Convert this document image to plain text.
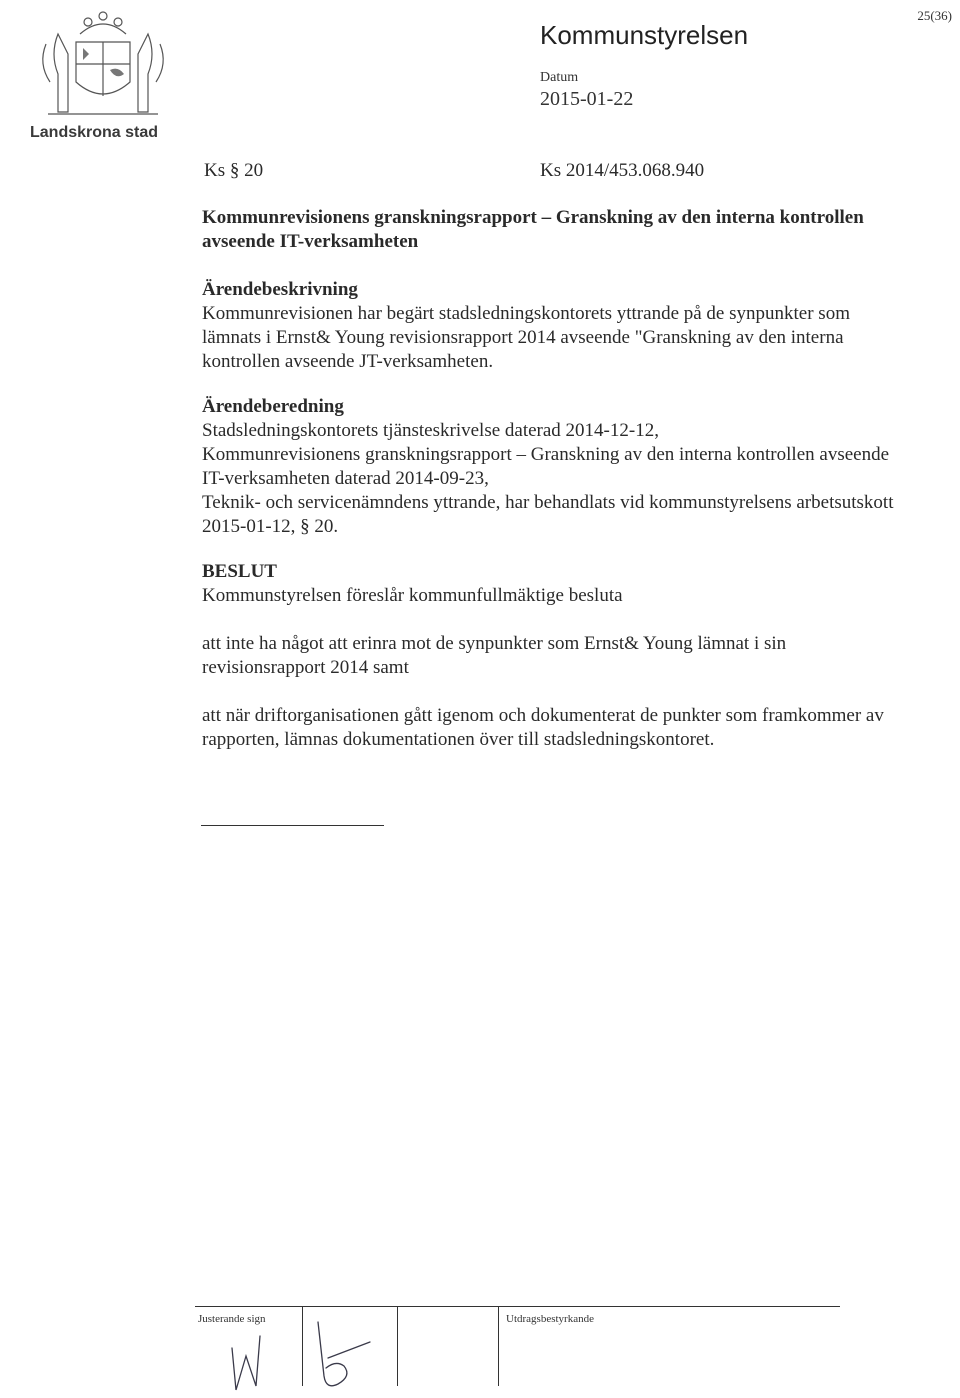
25(36)
Landskrona stad
Kommunstyrelsen
Datum
2015-01-22
Ks § 20	Ks 2014/453.068.940

Kommunrevisionens granskningsrapport – Granskning av den interna kontrollen avseende IT-verksamheten

Ärendebeskrivning

Kommunrevisionen har begärt stadsledningskontorets yttrande på de synpunkter som lämnats i Ernst& Young revisionsrapport 2014 avseende "Granskning av den interna kontrollen avseende JT-verksamheten.

Ärendeberedning

Stadsledningskontorets tjänsteskrivelse daterad 2014-12-12,

Kommunrevisionens granskningsrapport – Granskning av den interna kontrollen avseende IT-verksamheten daterad 2014-09-23,

Teknik- och servicenämndens yttrande, har behandlats vid kommunstyrelsens arbetsutskott 2015-01-12, § 20.

BESLUT

Kommunstyrelsen föreslår kommunfullmäktige besluta

att inte ha något att erinra mot de synpunkter som Ernst& Young lämnat i sin revisionsrapport 2014 samt

att när driftorganisationen gått igenom och dokumenterat de punkter som framkommer av rapporten, lämnas dokumentationen över till stadsledningskontoret.

Justerande sign	Utdragsbestyrkande
